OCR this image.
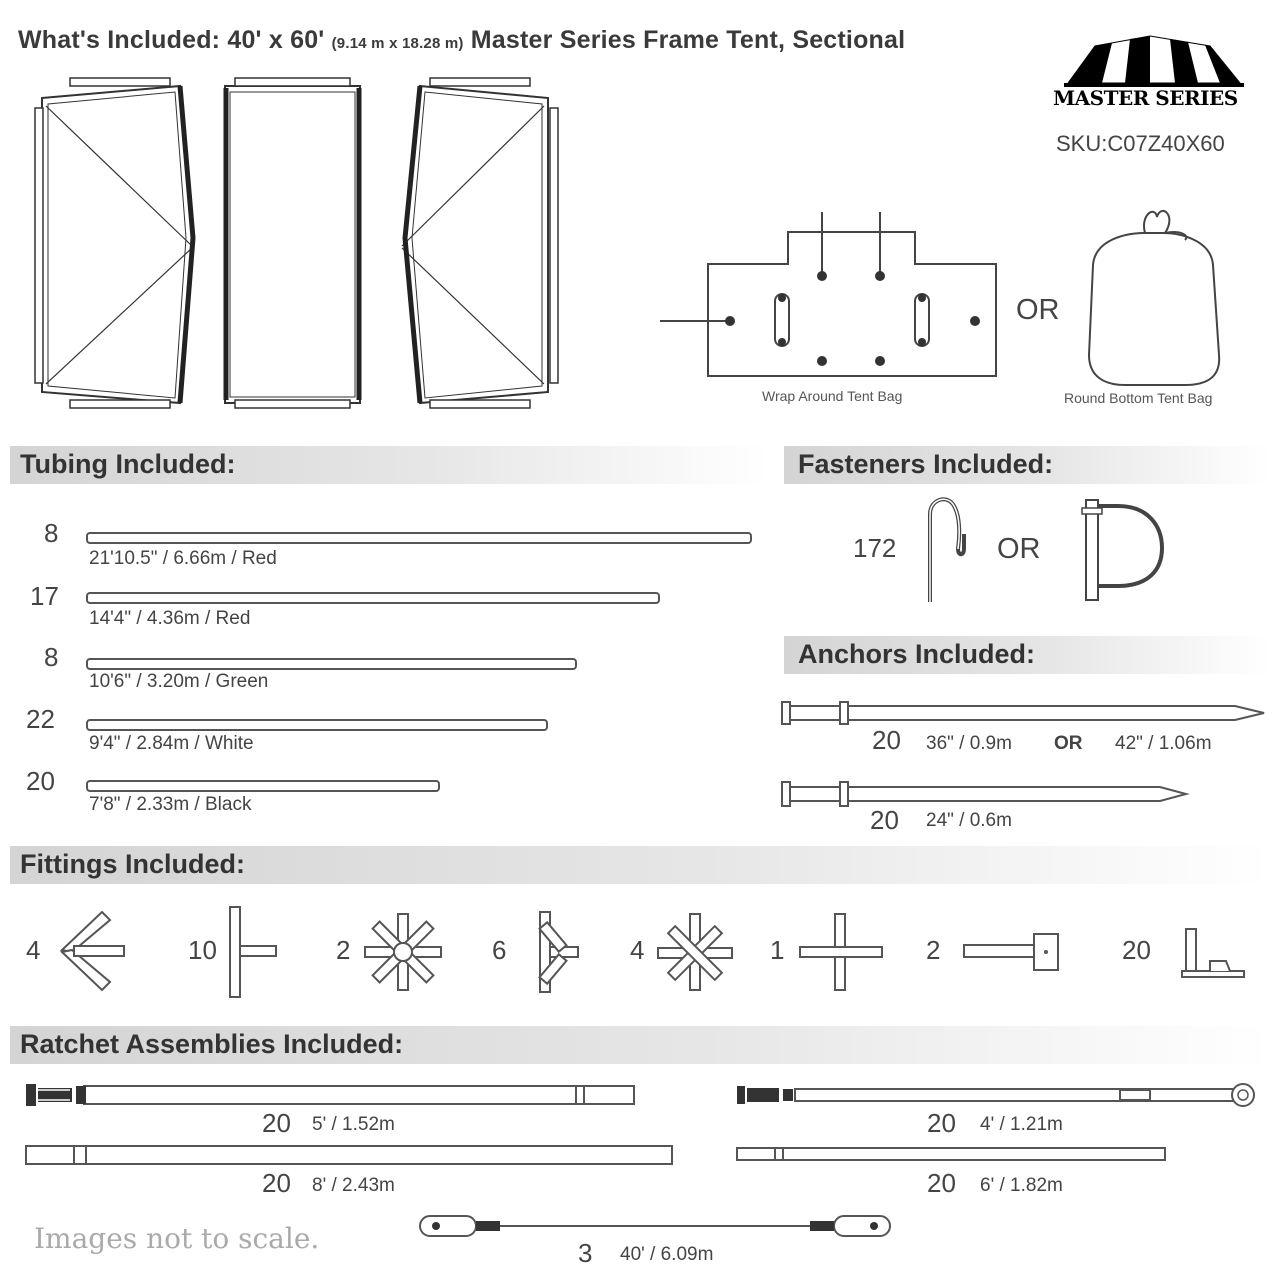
What's Included: 40' x 60' (9.14 m x 18.28 m) Master Series Frame Tent, Sectional
MASTER SERIES
SKU:C07Z40X60
Wrap Around Tent Bag
OR
Round Bottom Tent Bag
Tubing Included:
8
21'10.5" / 6.66m / Red
17
14'4" / 4.36m / Red
8
10'6" / 3.20m / Green
22
9'4" / 2.84m / White
20
7'8" / 2.33m / Black
Fasteners Included:
172	OR
Anchors Included:
20 36" / 0.9m OR 42" / 1.06m
20 24" / 0.6m
Fittings Included:
4	10	2	6	4	1	2	20
Ratchet Assemblies Included:
20 5' / 1.52m	20 4' / 1.21m
20 8' / 2.43m	20 6' / 1.82m
3 40' / 6.09m
Images not to scale.
